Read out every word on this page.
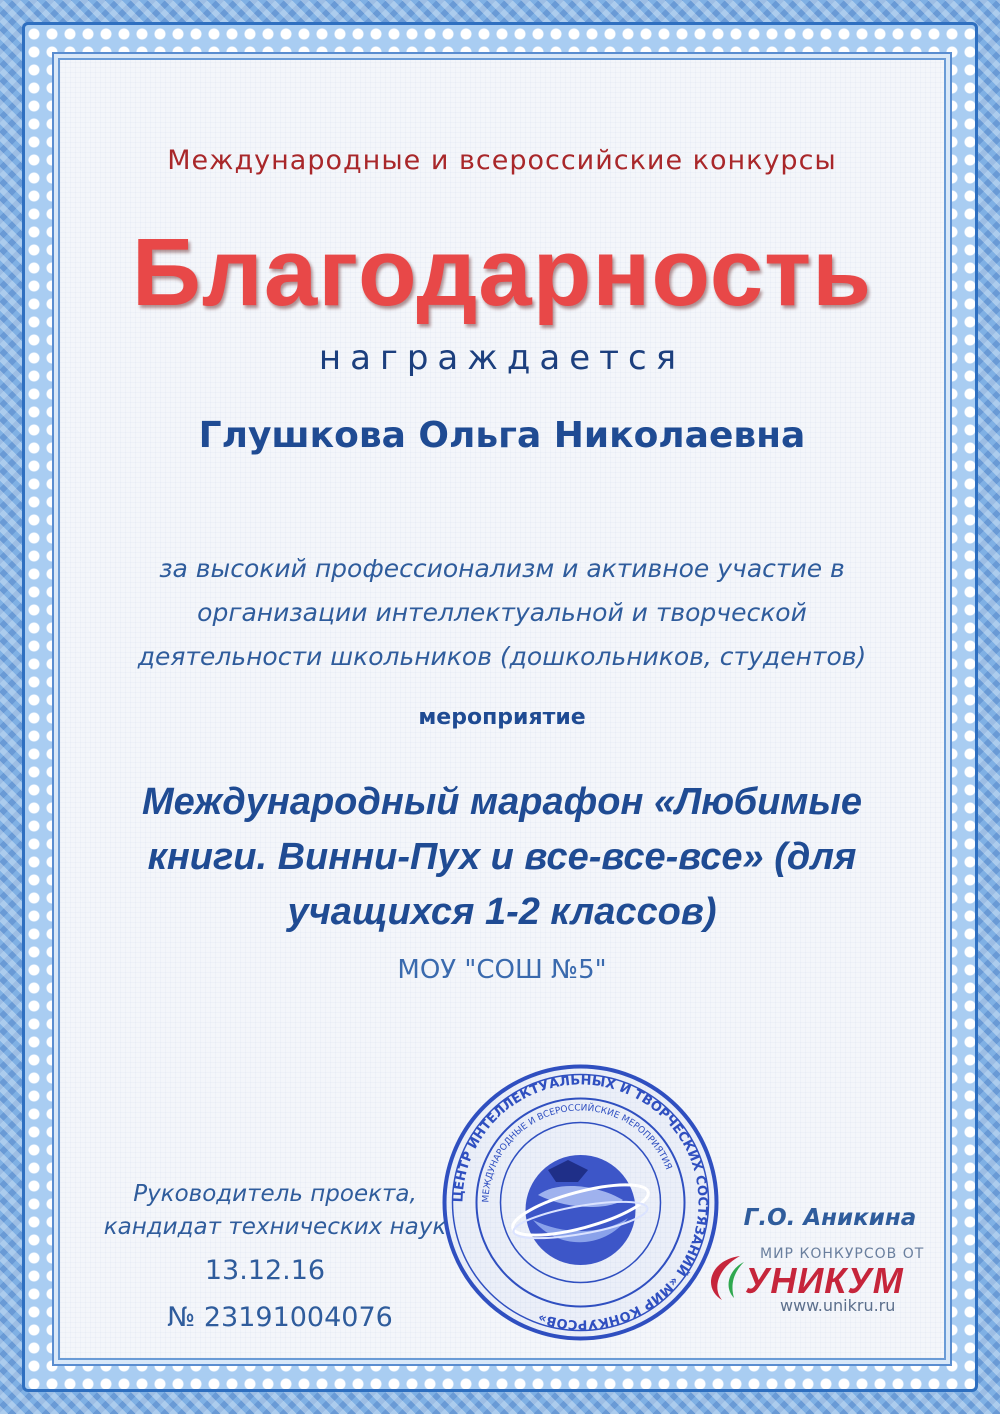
Международные и всероссийские конкурсы
Благодарность
награждается
Глушкова Ольга Николаевна
за высокий профессионализм и активное участие в организации интеллектуальной и творческой деятельности школьников (дошкольников, студентов)
мероприятие
Международный марафон «Любимые книги. Винни-Пух и все-все-все» (для учащихся 1-2 классов)
МОУ "СОШ №5"
ЦЕНТР ИНТЕЛЛЕКТУАЛЬНЫХ И ТВОРЧЕСКИХ СОСТЯЗАНИЙ «МИР КОНКУРСОВ»
МЕЖДУНАРОДНЫЕ И ВСЕРОССИЙСКИЕ МЕРОПРИЯТИЯ
Руководитель проекта,
кандидат технических наук	Г.О. Аникина
13.12.16
№ 23191004076
МИР КОНКУРСОВ ОТ
УНИКУМ
www.unikru.ru
